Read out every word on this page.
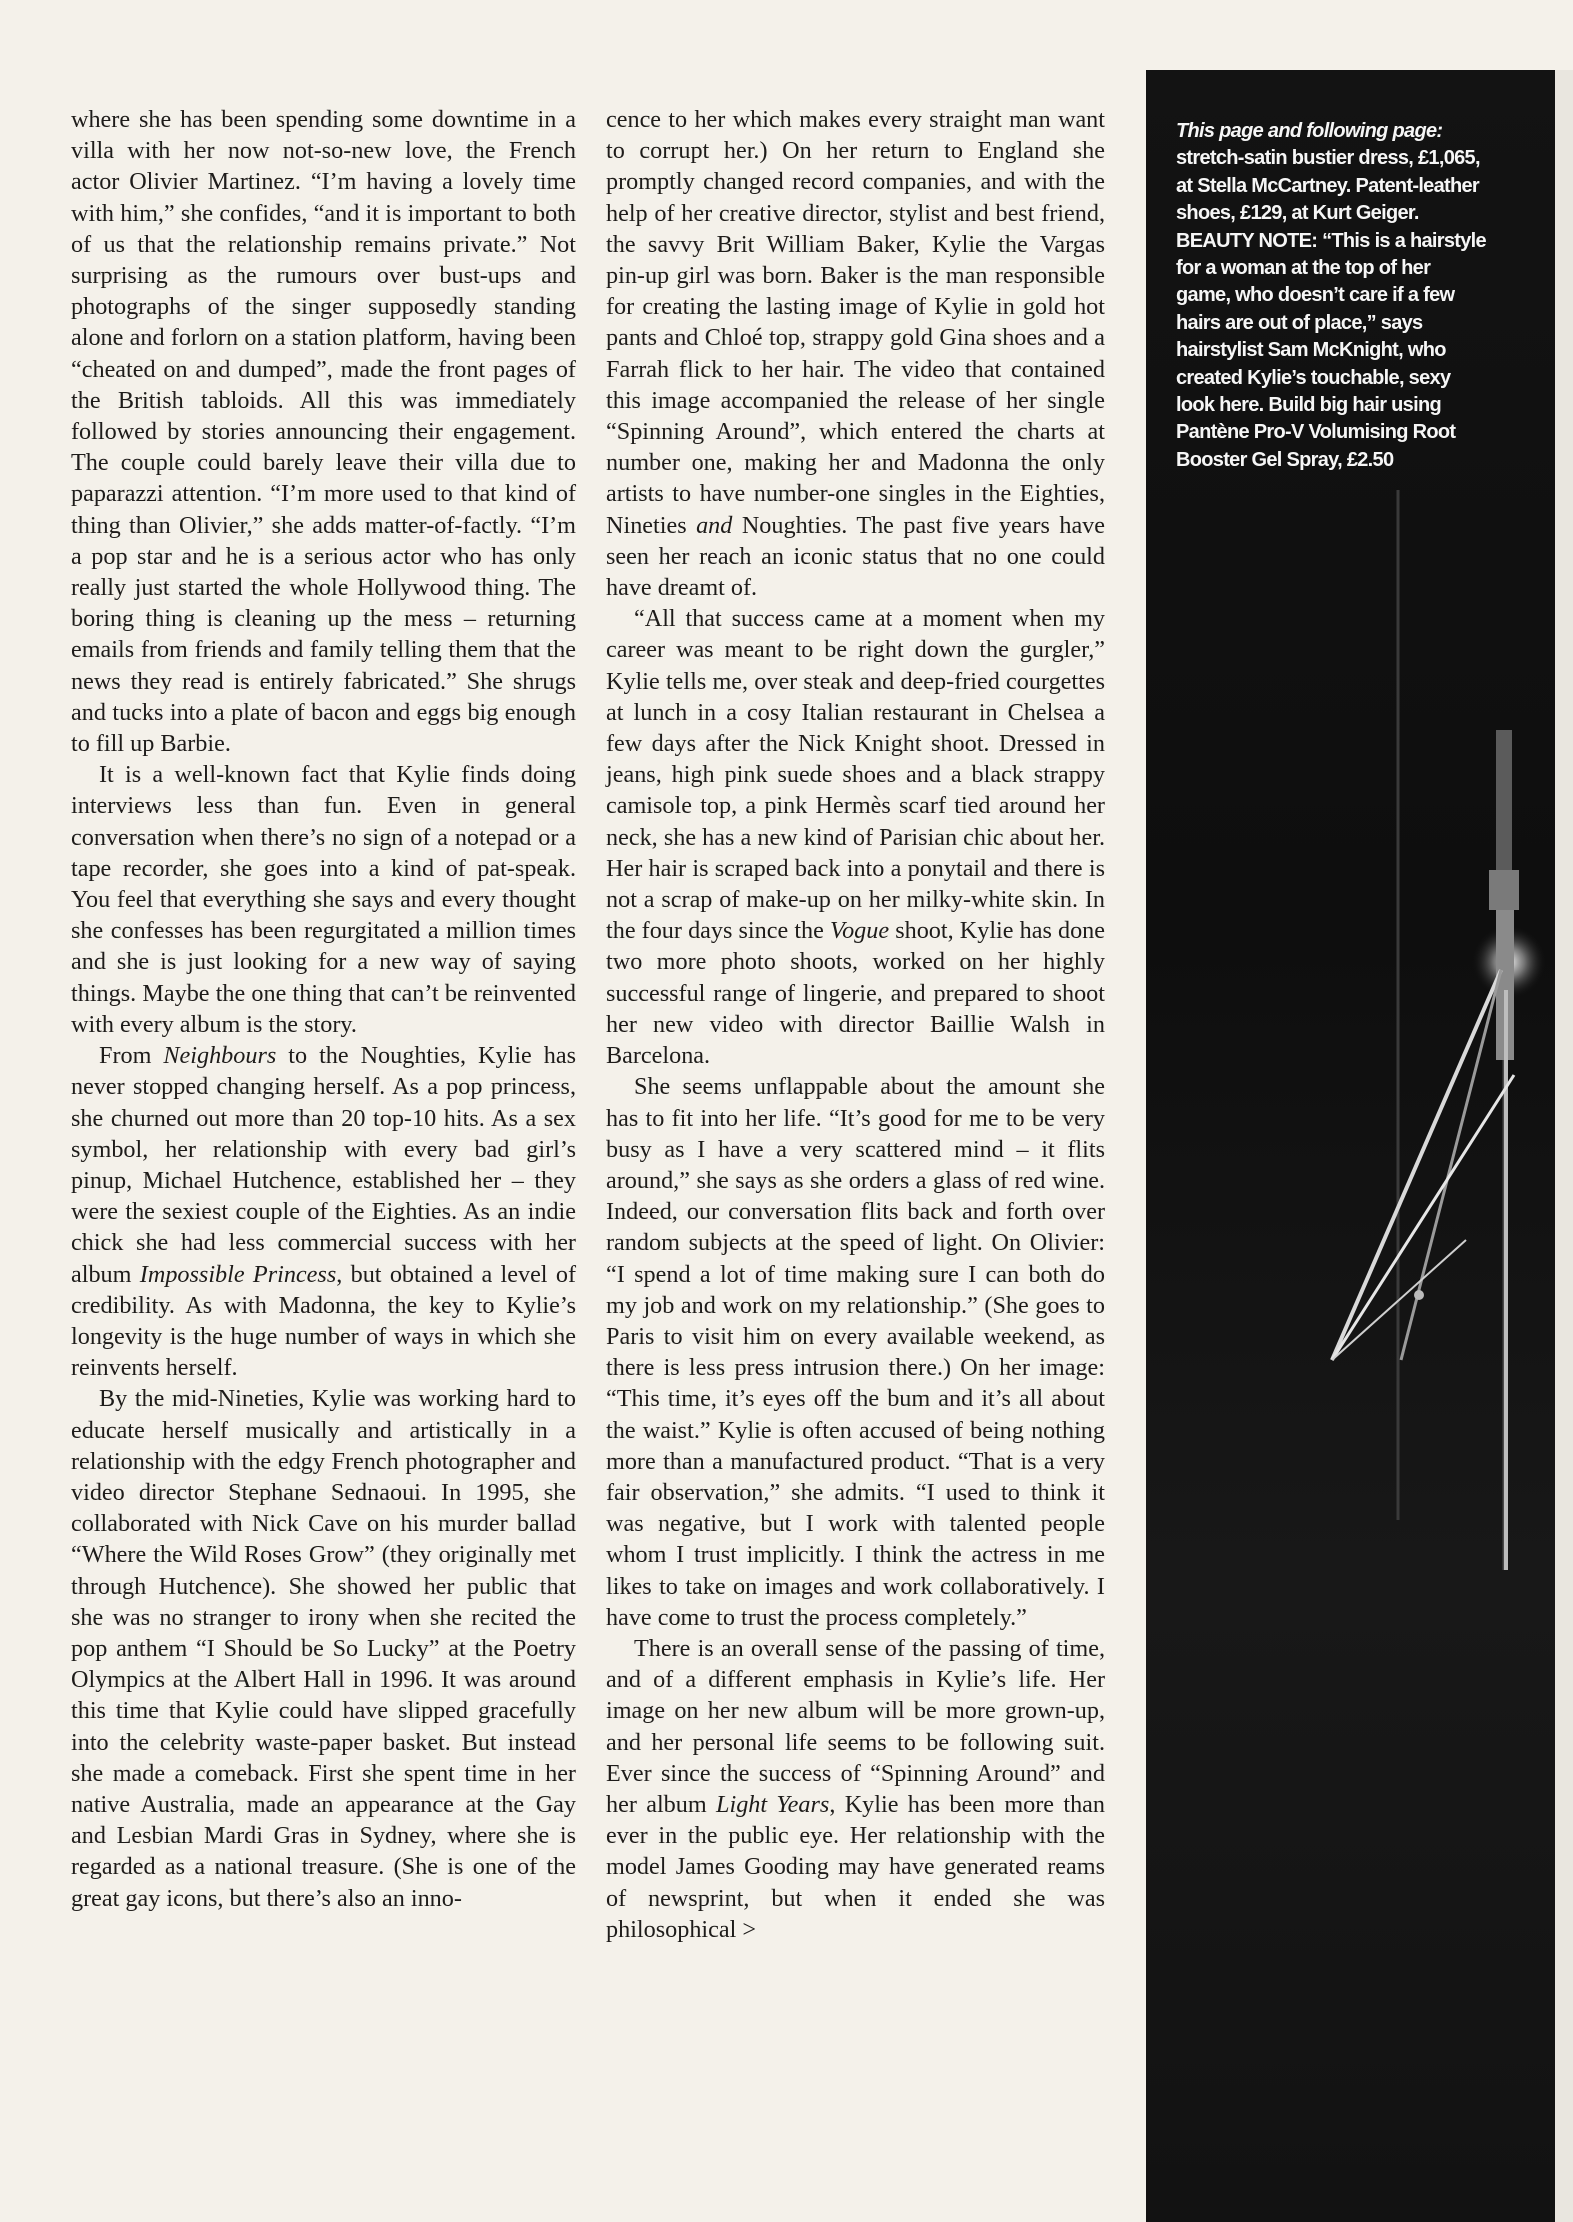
where she has been spending some downtime in a villa with her now not-so-new love, the French actor Olivier Martinez. “I’m having a lovely time with him,” she confides, “and it is important to both of us that the relationship remains private.” Not surprising as the rumours over bust-ups and photographs of the singer supposedly standing alone and forlorn on a station platform, having been “cheated on and dumped”, made the front pages of the British tabloids. All this was immediately followed by stories announcing their engagement. The couple could barely leave their villa due to paparazzi attention. “I’m more used to that kind of thing than Olivier,” she adds matter-of-factly. “I’m a pop star and he is a serious actor who has only really just started the whole Hollywood thing. The boring thing is cleaning up the mess – returning emails from friends and family telling them that the news they read is entirely fabricated.” She shrugs and tucks into a plate of bacon and eggs big enough to fill up Barbie.

It is a well-known fact that Kylie finds doing interviews less than fun. Even in general conversation when there’s no sign of a notepad or a tape recorder, she goes into a kind of pat-speak. You feel that everything she says and every thought she confesses has been regurgitated a million times and she is just looking for a new way of saying things. Maybe the one thing that can’t be reinvented with every album is the story.

From Neighbours to the Noughties, Kylie has never stopped changing herself. As a pop princess, she churned out more than 20 top-10 hits. As a sex symbol, her relationship with every bad girl’s pinup, Michael Hutchence, established her – they were the sexiest couple of the Eighties. As an indie chick she had less commercial success with her album Impossible Princess, but obtained a level of credibility. As with Madonna, the key to Kylie’s longevity is the huge number of ways in which she reinvents herself.

By the mid-Nineties, Kylie was working hard to educate herself musically and artistically in a relationship with the edgy French photographer and video director Stephane Sednaoui. In 1995, she collaborated with Nick Cave on his murder ballad “Where the Wild Roses Grow” (they originally met through Hutchence). She showed her public that she was no stranger to irony when she recited the pop anthem “I Should be So Lucky” at the Poetry Olympics at the Albert Hall in 1996. It was around this time that Kylie could have slipped gracefully into the celebrity waste-paper basket. But instead she made a comeback. First she spent time in her native Australia, made an appearance at the Gay and Lesbian Mardi Gras in Sydney, where she is regarded as a national treasure. (She is one of the great gay icons, but there’s also an inno-

cence to her which makes every straight man want to corrupt her.) On her return to England she promptly changed record companies, and with the help of her creative director, stylist and best friend, the savvy Brit William Baker, Kylie the Vargas pin-up girl was born. Baker is the man responsible for creating the lasting image of Kylie in gold hot pants and Chloé top, strappy gold Gina shoes and a Farrah flick to her hair. The video that contained this image accompanied the release of her single “Spinning Around”, which entered the charts at number one, making her and Madonna the only artists to have number-one singles in the Eighties, Nineties and Noughties. The past five years have seen her reach an iconic status that no one could have dreamt of.

“All that success came at a moment when my career was meant to be right down the gurgler,” Kylie tells me, over steak and deep-fried courgettes at lunch in a cosy Italian restaurant in Chelsea a few days after the Nick Knight shoot. Dressed in jeans, high pink suede shoes and a black strappy camisole top, a pink Hermès scarf tied around her neck, she has a new kind of Parisian chic about her. Her hair is scraped back into a ponytail and there is not a scrap of make-up on her milky-white skin. In the four days since the Vogue shoot, Kylie has done two more photo shoots, worked on her highly successful range of lingerie, and prepared to shoot her new video with director Baillie Walsh in Barcelona.

She seems unflappable about the amount she has to fit into her life. “It’s good for me to be very busy as I have a very scattered mind – it flits around,” she says as she orders a glass of red wine. Indeed, our conversation flits back and forth over random subjects at the speed of light. On Olivier: “I spend a lot of time making sure I can both do my job and work on my relationship.” (She goes to Paris to visit him on every available weekend, as there is less press intrusion there.) On her image: “This time, it’s eyes off the bum and it’s all about the waist.” Kylie is often accused of being nothing more than a manufactured product. “That is a very fair observation,” she admits. “I used to think it was negative, but I work with talented people whom I trust implicitly. I think the actress in me likes to take on images and work collaboratively. I have come to trust the process completely.”

There is an overall sense of the passing of time, and of a different emphasis in Kylie’s life. Her image on her new album will be more grown-up, and her personal life seems to be following suit. Ever since the success of “Spinning Around” and her album Light Years, Kylie has been more than ever in the public eye. Her relationship with the model James Gooding may have generated reams of newsprint, but when it ended she was philosophical >

This page and following page: stretch-satin bustier dress, £1,065, at Stella McCartney. Patent-leather shoes, £129, at Kurt Geiger. BEAUTY NOTE: “This is a hairstyle for a woman at the top of her game, who doesn’t care if a few hairs are out of place,” says hairstylist Sam McKnight, who created Kylie’s touchable, sexy look here. Build big hair using Pantène Pro-V Volumising Root Booster Gel Spray, £2.50
